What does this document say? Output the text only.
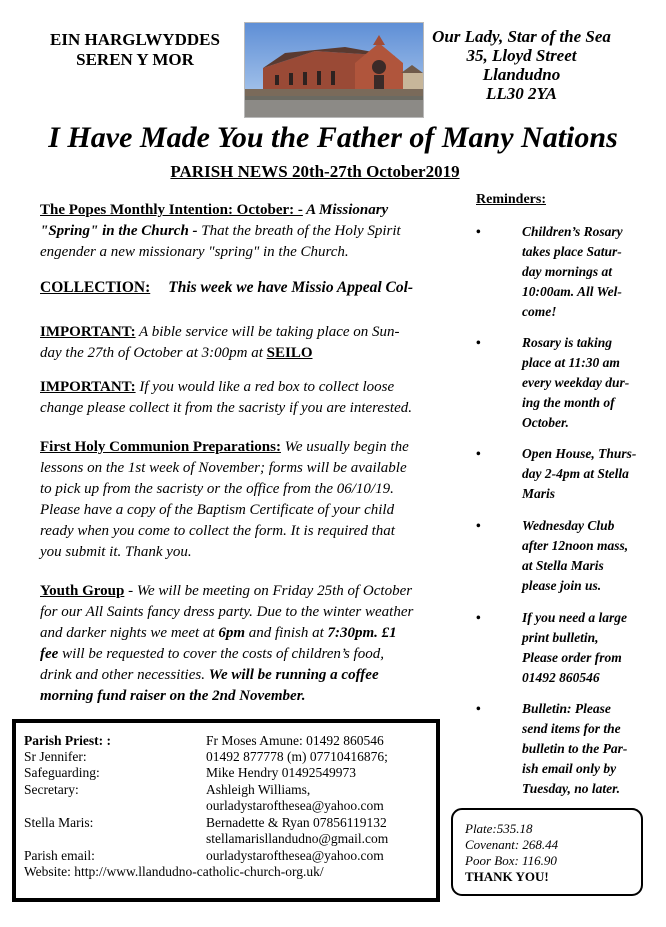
EIN HARGLWYDDES
SEREN Y MOR
Our Lady, Star of the Sea
35, Lloyd Street
Llandudno
LL30 2YA
I Have Made You the Father of Many Nations
PARISH NEWS 20th-27th October2019
The Popes Monthly Intention: October: - A Missionary
"Spring" in the Church - That the breath of the Holy Spirit
engender a new missionary "spring" in the Church.
COLLECTION: This week we have Missio Appeal Col-
IMPORTANT: A bible service will be taking place on Sun-
day the 27th of October at 3:00pm at SEILO
IMPORTANT: If you would like a red box to collect loose
change please collect it from the sacristy if you are interested.
First Holy Communion Preparations: We usually begin the
lessons on the 1st week of November; forms will be available
to pick up from the sacristy or the office from the 06/10/19.
Please have a copy of the Baptism Certificate of your child
ready when you come to collect the form. It is required that
you submit it. Thank you.
Youth Group - We will be meeting on Friday 25th of October
for our All Saints fancy dress party. Due to the winter weather
and darker nights we meet at 6pm and finish at 7:30pm. £1
fee will be requested to cover the costs of children’s food,
drink and other necessities. We will be running a coffee
morning fund raiser on the 2nd November.
Reminders:
•	Children’s Rosary
takes place Satur-
day mornings at
10:00am. All Wel-
come!
•	Rosary is taking
place at 11:30 am
every weekday dur-
ing the month of
October.
•	Open House, Thurs-
day 2-4pm at Stella
Maris
•	Wednesday Club
after 12noon mass,
at Stella Maris
please join us.
•	If you need a large
print bulletin,
Please order from
01492 860546
•	Bulletin: Please
send items for the
bulletin to the Par-
ish email only by
Tuesday, no later.
Parish Priest: :	Fr Moses Amune: 01492 860546
Sr Jennifer:	01492 877778 (m) 07710416876;
Safeguarding:	Mike Hendry 01492549973
Secretary:	Ashleigh Williams,
ourladystarofthesea@yahoo.com
Stella Maris:	Bernadette & Ryan 07856119132
stellamarisllandudno@gmail.com
Parish email:	ourladystarofthesea@yahoo.com
Website: http://www.llandudno-catholic-church-org.uk/
Plate:535.18
Covenant: 268.44
Poor Box: 116.90
THANK YOU!
